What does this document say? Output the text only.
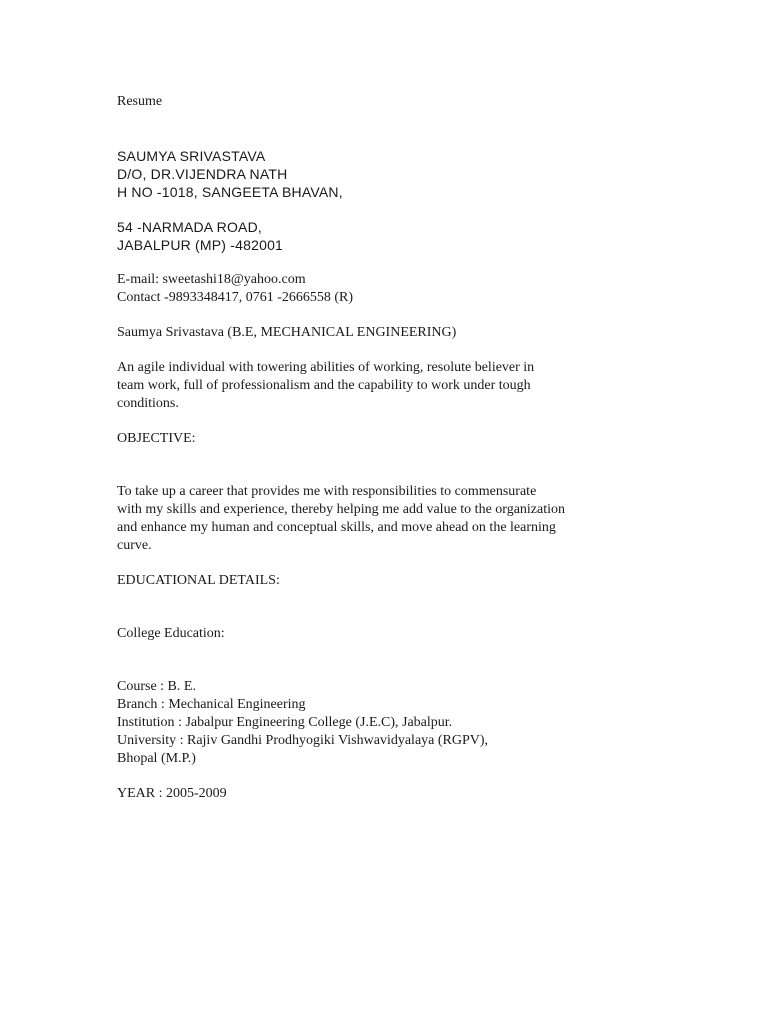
Resume
SAUMYA SRIVASTAVA
D/O, DR.VIJENDRA NATH
H NO -1018, SANGEETA BHAVAN,
54 -NARMADA ROAD,
JABALPUR (MP) -482001
E-mail: sweetashi18@yahoo.com
Contact -9893348417, 0761 -2666558 (R)
Saumya Srivastava (B.E, MECHANICAL ENGINEERING)
An agile individual with towering abilities of working, resolute believer in
team work, full of professionalism and the capability to work under tough
conditions.
OBJECTIVE:
To take up a career that provides me with responsibilities to commensurate
with my skills and experience, thereby helping me add value to the organization
and enhance my human and conceptual skills, and move ahead on the learning
curve.
EDUCATIONAL DETAILS:
College Education:
Course : B. E.
Branch : Mechanical Engineering
Institution : Jabalpur Engineering College (J.E.C), Jabalpur.
University : Rajiv Gandhi Prodhyogiki Vishwavidyalaya (RGPV),
Bhopal (M.P.)
YEAR : 2005-2009
